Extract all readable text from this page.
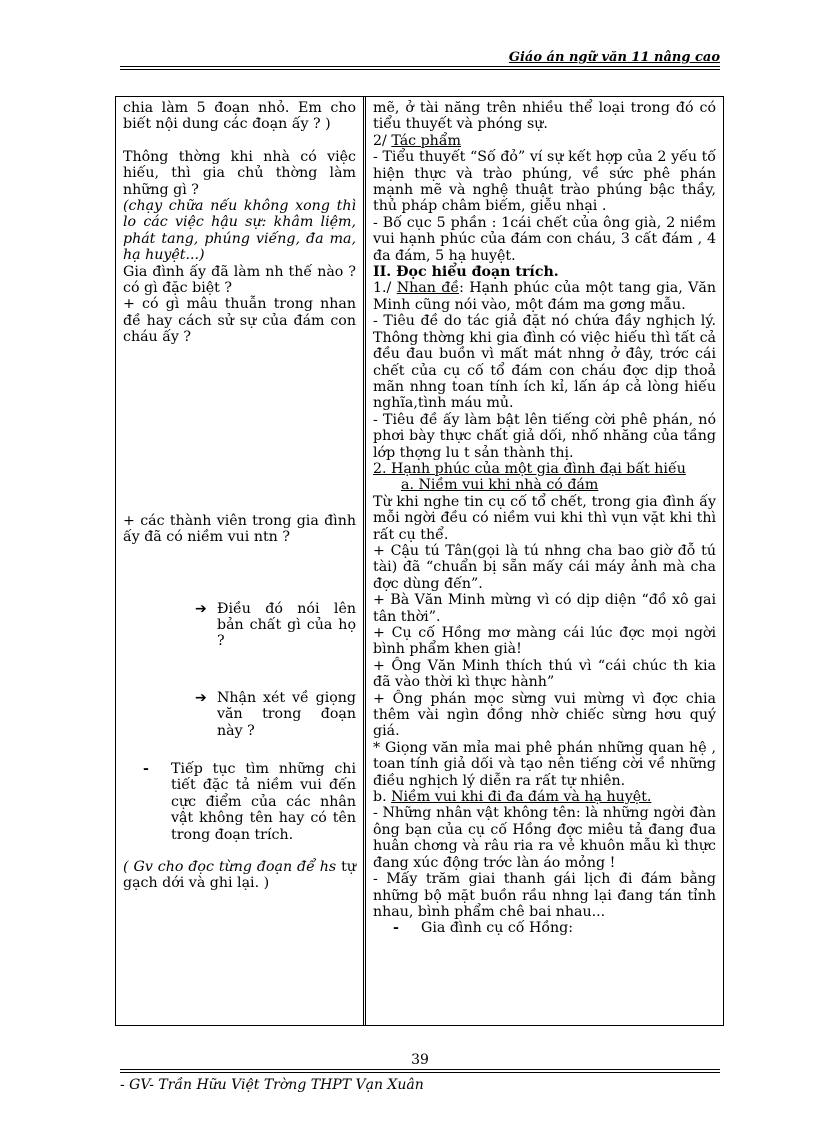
Giáo án ngữ văn 11 nâng cao

chia làm 5 đoạn nhỏ. Em cho biết nội dung các đoạn ấy ? )

Thông thờng khi nhà có việc hiếu, thì gia chủ thờng làm những gì ?

(chạy chữa nếu không xong thì lo các việc hậu sự: khâm liệm, phát tang, phúng viếng, đa ma, hạ huyệt...)

Gia đình ấy đã làm nh thế nào ? có gì đặc biệt ?

+ có gì mâu thuẫn trong nhan đề hay cách sử sự của đám con cháu ấy ?

+ các thành viên trong gia đình ấy đã có niềm vui ntn ?

➔ Điều đó nói lên bản chất gì của họ ?

➔ Nhận xét về giọng văn trong đoạn này ?

-	Tiếp tục tìm những chi tiết đặc tả niềm vui đến cực điểm của các nhân vật không tên hay có tên trong đoạn trích.

( Gv cho đọc từng đoạn để hs tự gạch dới và ghi lại. )

mẽ, ở tài năng trên nhiều thể loại trong đó có tiểu thuyết và phóng sự.

2/ Tác phẩm

- Tiểu thuyết “Số đỏ” ví sự kết hợp của 2 yếu tố hiện thực và trào phúng, về sức phê phán mạnh mẽ và nghệ thuật trào phúng bậc thầy, thủ pháp châm biếm, giễu nhại .

- Bố cục 5 phần : 1cái chết của ông già, 2 niềm vui hạnh phúc của đám con cháu, 3 cất đám , 4 đa đám, 5 hạ huyệt.

II. Đọc hiểu đoạn trích.

1./ Nhan đề: Hạnh phúc của một tang gia, Văn Minh cũng nói vào, một đám ma gơng mẫu.

- Tiêu đề do tác giả đặt nó chứa đầy nghịch lý. Thông thờng khi gia đình có việc hiếu thì tất cả đều đau buồn vì mất mát nhng ở đây, trớc cái chết của cụ cố tổ đám con cháu đợc dịp thoả mãn nhng toan tính ích kỉ, lấn áp cả lòng hiếu nghĩa,tình máu mủ.

- Tiêu đề ấy làm bật lên tiếng cời phê phán, nó phơi bày thực chất giả dối, nhố nhăng của tầng lớp thợng lu t sản thành thị.

2. Hạnh phúc của một gia đình đại bất hiếu

a. Niềm vui khi nhà có đám

Từ khi nghe tin cụ cố tổ chết, trong gia đình ấy mỗi ngời đều có niềm vui khi thì vụn vặt khi thì rất cụ thể.

+ Cậu tú Tân(gọi là tú nhng cha bao giờ đỗ tú tài) đã “chuẩn bị sẵn mấy cái máy ảnh mà cha đợc dùng đến”.

+ Bà Văn Minh mừng vì có dịp diện “đồ xô gai tân thời”.

+ Cụ cố Hồng mơ màng cái lúc đợc mọi ngời bình phẩm khen già!

+ Ông Văn Minh thích thú vì “cái chúc th kia đã vào thời kì thực hành”

+ Ông phán mọc sừng vui mừng vì đợc chia thêm vài ngìn đồng nhờ chiếc sừng hơu quý giá.

* Giọng văn mỉa mai phê phán những quan hệ , toan tính giả dối và tạo nên tiếng cời về những điều nghịch lý diễn ra rất tự nhiên.

b. Niềm vui khi đi đa đám và hạ huyệt.

- Những nhân vật không tên: là những ngời đàn ông bạn của cụ cố Hồng đợc miêu tả đang đua huân chơng và râu ria ra vẻ khuôn mẫu kì thực đang xúc động trớc làn áo mỏng !

- Mấy trăm giai thanh gái lịch đi đám bằng những bộ mặt buồn rầu nhng lại đang tán tỉnh nhau, bình phẩm chê bai nhau...

-	Gia đình cụ cố Hồng:

39
- GV- Trần Hữu Việt Trờng THPT Vạn Xuân
